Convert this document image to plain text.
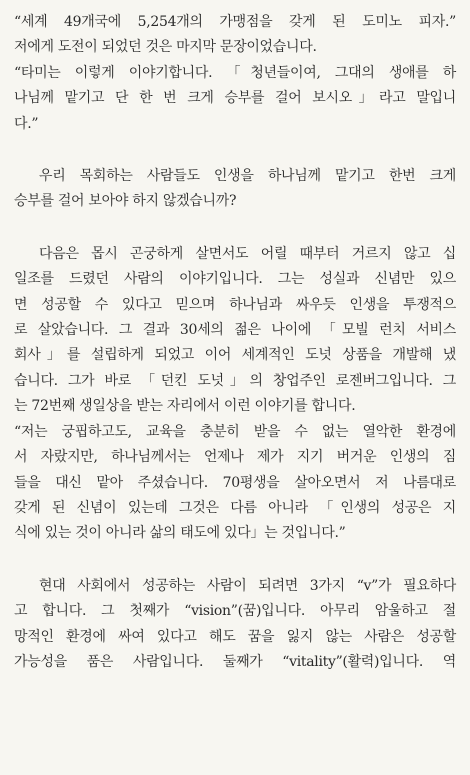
“세계 49개국에 5,254개의 가맹점을 갖게 된 도미노 피자.”
저에게 도전이 되었던 것은 마지막 문장이었습니다.
“타미는 이렇게 이야기합니다. 「청년들이여, 그대의 생애를 하
나님께 맡기고 단 한 번 크게 승부를 걸어 보시오」라고 말입니
다.”

우리 목회하는 사람들도 인생을 하나님께 맡기고 한번 크게
승부를 걸어 보아야 하지 않겠습니까?

다음은 몹시 곤궁하게 살면서도 어릴 때부터 거르지 않고 십
일조를 드렸던 사람의 이야기입니다. 그는 성실과 신념만 있으
면 성공할 수 있다고 믿으며 하나님과 싸우듯 인생을 투쟁적으
로 살았습니다. 그 결과 30세의 젊은 나이에 「모빌 런치 서비스
회사」를 설립하게 되었고 이어 세계적인 도넛 상품을 개발해 냈
습니다. 그가 바로 「던킨 도넛」의 창업주인 로젠버그입니다. 그
는 72번째 생일상을 받는 자리에서 이런 이야기를 합니다.
“저는 궁핍하고도, 교육을 충분히 받을 수 없는 열악한 환경에
서 자랐지만, 하나님께서는 언제나 제가 지기 버거운 인생의 짐
들을 대신 맡아 주셨습니다. 70평생을 살아오면서 저 나름대로
갖게 된 신념이 있는데 그것은 다름 아니라 「인생의 성공은 지
식에 있는 것이 아니라 삶의 태도에 있다」는 것입니다.”

현대 사회에서 성공하는 사람이 되려면 3가지 “v”가 필요하다
고 합니다. 그 첫째가 “vision”(꿈)입니다. 아무리 암울하고 절
망적인 환경에 싸여 있다고 해도 꿈을 잃지 않는 사람은 성공할
가능성을 품은 사람입니다. 둘째가 “vitality”(활력)입니다. 역
